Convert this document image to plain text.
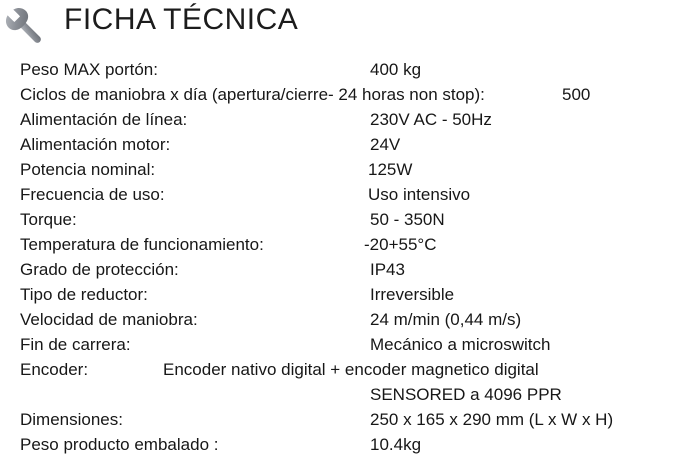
FICHA TÉCNICA
Peso MAX portón:	400 kg
Ciclos de maniobra x día (apertura/cierre- 24 horas non stop):	500
Alimentación de línea:	230V AC - 50Hz
Alimentación motor:	24V
Potencia nominal:	125W
Frecuencia de uso:	Uso intensivo
Torque:	50 - 350N
Temperatura de funcionamiento:	-20+55°C
Grado de protección:	IP43
Tipo de reductor:	Irreversible
Velocidad de maniobra:	24 m/min (0,44 m/s)
Fin de carrera:	Mecánico a microswitch
Encoder:	Encoder nativo digital + encoder magnetico digital
SENSORED a 4096 PPR
Dimensiones:	250 x 165 x 290 mm (L x W x H)
Peso producto embalado :	10.4kg
